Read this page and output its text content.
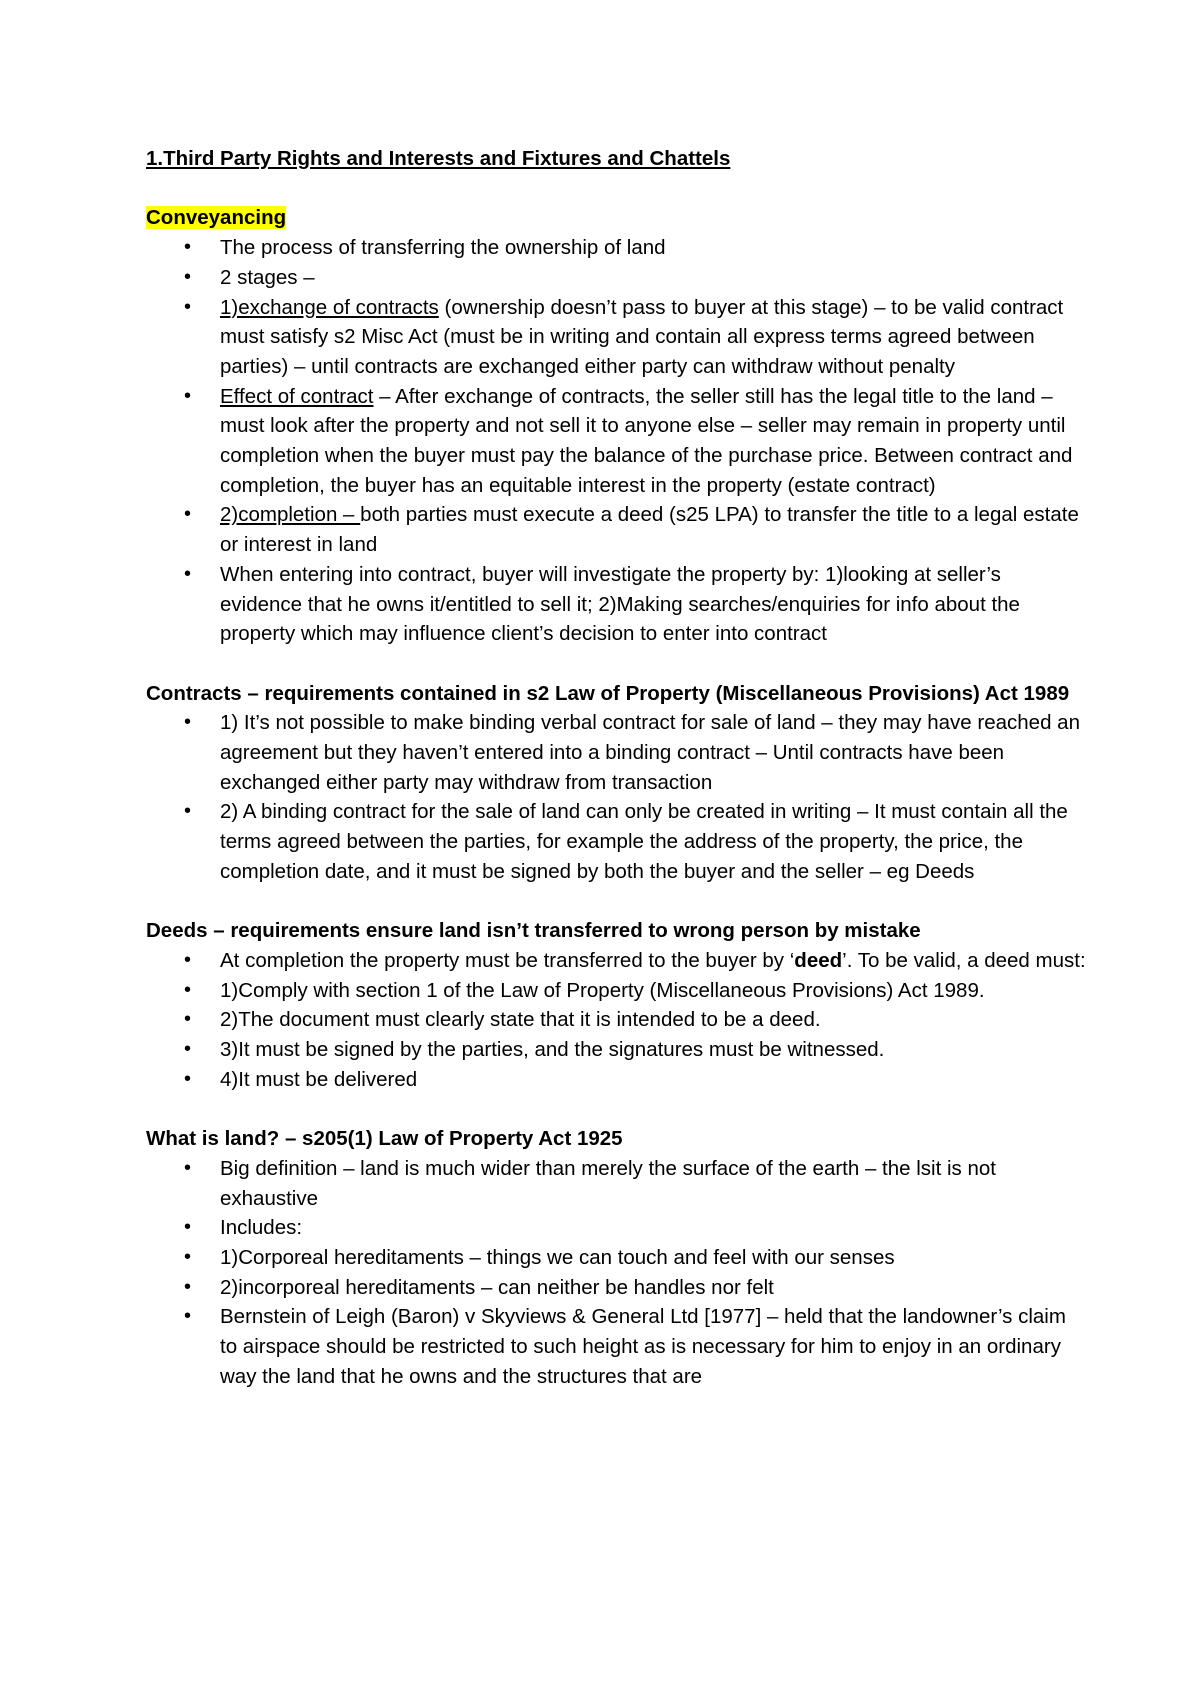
1.Third Party Rights and Interests and Fixtures and Chattels

Conveyancing

• The process of transferring the ownership of land
• 2 stages –
• 1)exchange of contracts (ownership doesn’t pass to buyer at this stage) – to be valid contract must satisfy s2 Misc Act (must be in writing and contain all express terms agreed between parties) – until contracts are exchanged either party can withdraw without penalty
• Effect of contract – After exchange of contracts, the seller still has the legal title to the land – must look after the property and not sell it to anyone else – seller may remain in property until completion when the buyer must pay the balance of the purchase price. Between contract and completion, the buyer has an equitable interest in the property (estate contract)
• 2)completion – both parties must execute a deed (s25 LPA) to transfer the title to a legal estate or interest in land
• When entering into contract, buyer will investigate the property by: 1)looking at seller’s evidence that he owns it/entitled to sell it; 2)Making searches/enquiries for info about the property which may influence client’s decision to enter into contract

Contracts – requirements contained in s2 Law of Property (Miscellaneous Provisions) Act 1989

• 1) It’s not possible to make binding verbal contract for sale of land – they may have reached an agreement but they haven’t entered into a binding contract – Until contracts have been exchanged either party may withdraw from transaction
• 2) A binding contract for the sale of land can only be created in writing – It must contain all the terms agreed between the parties, for example the address of the property, the price, the completion date, and it must be signed by both the buyer and the seller – eg Deeds

Deeds – requirements ensure land isn’t transferred to wrong person by mistake

• At completion the property must be transferred to the buyer by ‘deed’. To be valid, a deed must:
• 1)Comply with section 1 of the Law of Property (Miscellaneous Provisions) Act 1989.
• 2)The document must clearly state that it is intended to be a deed.
• 3)It must be signed by the parties, and the signatures must be witnessed.
• 4)It must be delivered

What is land? – s205(1) Law of Property Act 1925

• Big definition – land is much wider than merely the surface of the earth – the lsit is not exhaustive
• Includes:
• 1)Corporeal hereditaments – things we can touch and feel with our senses
• 2)incorporeal hereditaments – can neither be handles nor felt
• Bernstein of Leigh (Baron) v Skyviews & General Ltd [1977] – held that the landowner’s claim to airspace should be restricted to such height as is necessary for him to enjoy in an ordinary way the land that he owns and the structures that are
